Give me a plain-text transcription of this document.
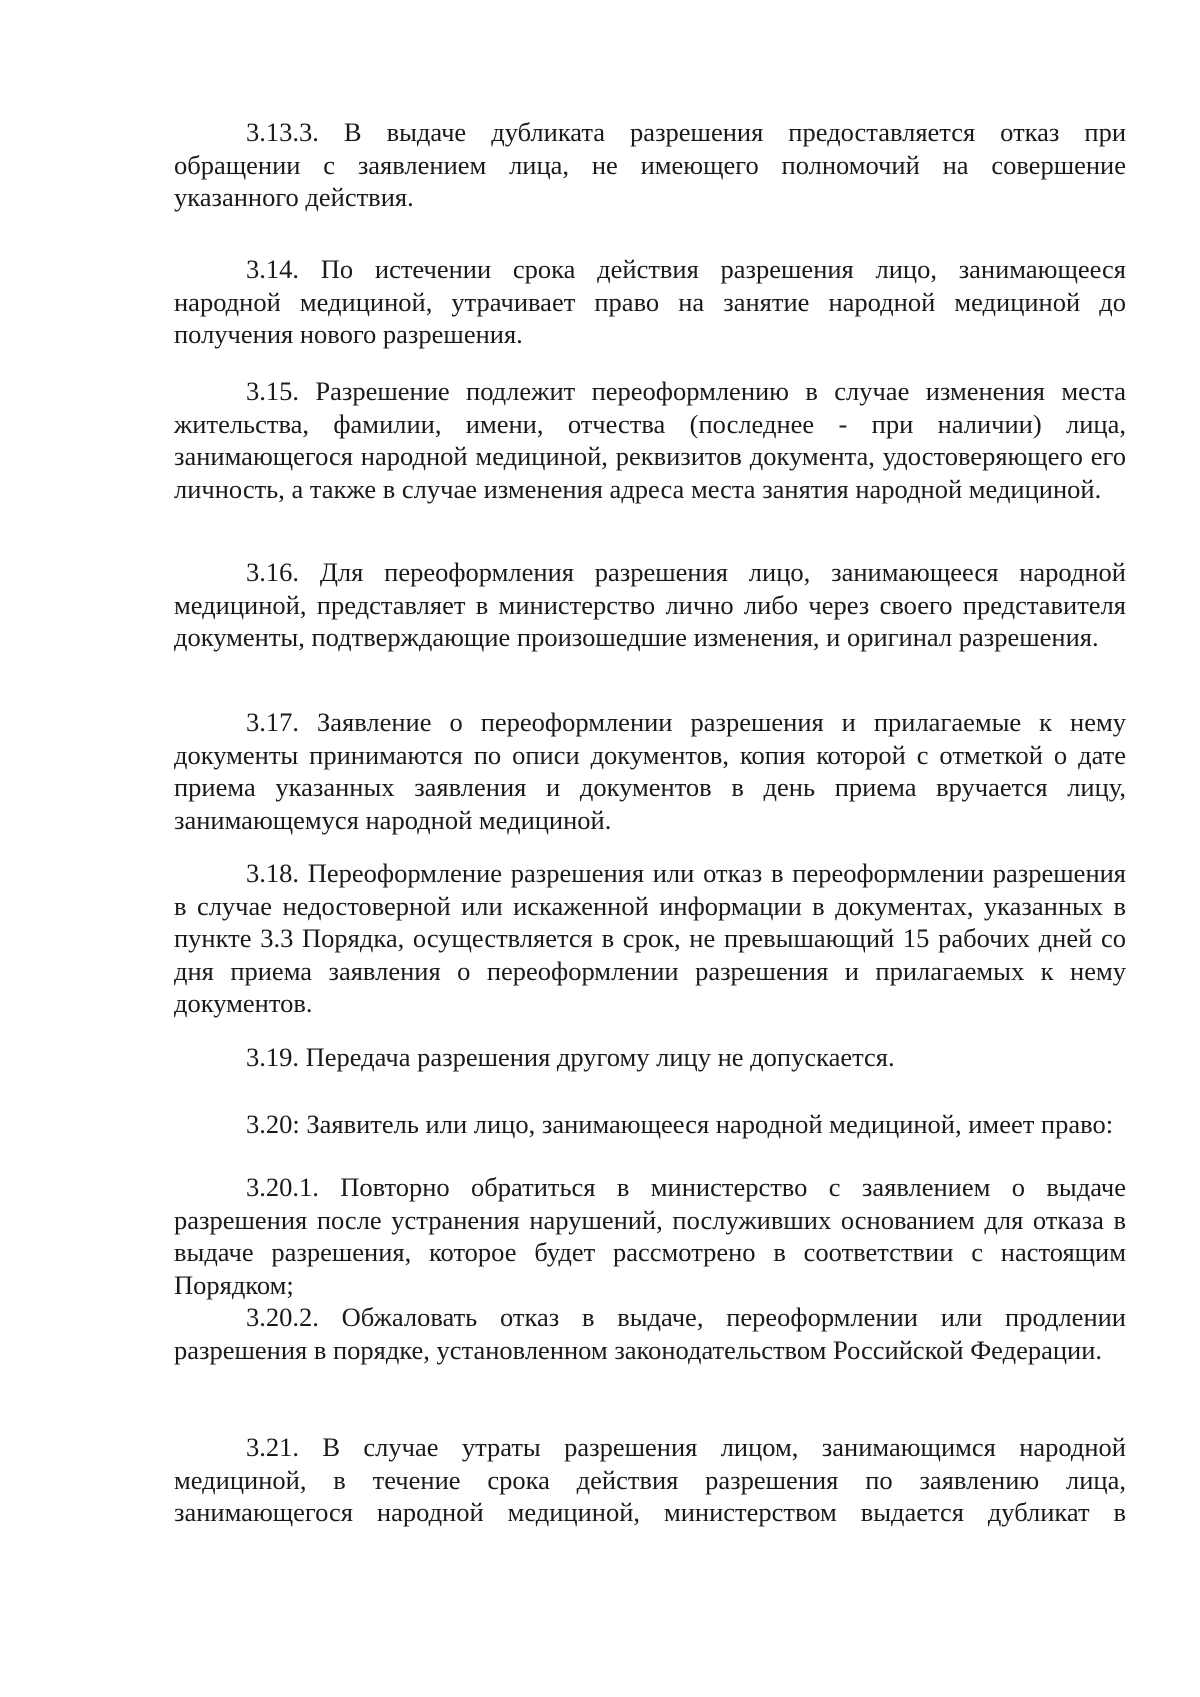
3.13.3. В выдаче дубликата разрешения предоставляется отказ при обращении с заявлением лица, не имеющего полномочий на совершение указанного действия.

3.14. По истечении срока действия разрешения лицо, занимающееся народной медициной, утрачивает право на занятие народной медициной до получения нового разрешения.

3.15. Разрешение подлежит переоформлению в случае изменения места жительства, фамилии, имени, отчества (последнее - при наличии) лица, занимающегося народной медициной, реквизитов документа, удостоверяющего его личность, а также в случае изменения адреса места занятия народной медициной.

3.16. Для переоформления разрешения лицо, занимающееся народной медициной, представляет в министерство лично либо через своего представителя документы, подтверждающие произошедшие изменения, и оригинал разрешения.

3.17. Заявление о переоформлении разрешения и прилагаемые к нему документы принимаются по описи документов, копия которой с отметкой о дате приема указанных заявления и документов в день приема вручается лицу, занимающемуся народной медициной.

3.18. Переоформление разрешения или отказ в переоформлении разрешения в случае недостоверной или искаженной информации в документах, указанных в пункте 3.3 Порядка, осуществляется в срок, не превышающий 15 рабочих дней со дня приема заявления о переоформлении разрешения и прилагаемых к нему документов.

3.19. Передача разрешения другому лицу не допускается.

3.20: Заявитель или лицо, занимающееся народной медициной, имеет право:

3.20.1. Повторно обратиться в министерство с заявлением о выдаче разрешения после устранения нарушений, послуживших основанием для отказа в выдаче разрешения, которое будет рассмотрено в соответствии с настоящим Порядком;

3.20.2. Обжаловать отказ в выдаче, переоформлении или продлении разрешения в порядке, установленном законодательством Российской Федерации.

3.21. В случае утраты разрешения лицом, занимающимся народной медициной, в течение срока действия разрешения по заявлению лица, занимающегося народной медициной, министерством выдается дубликат в
